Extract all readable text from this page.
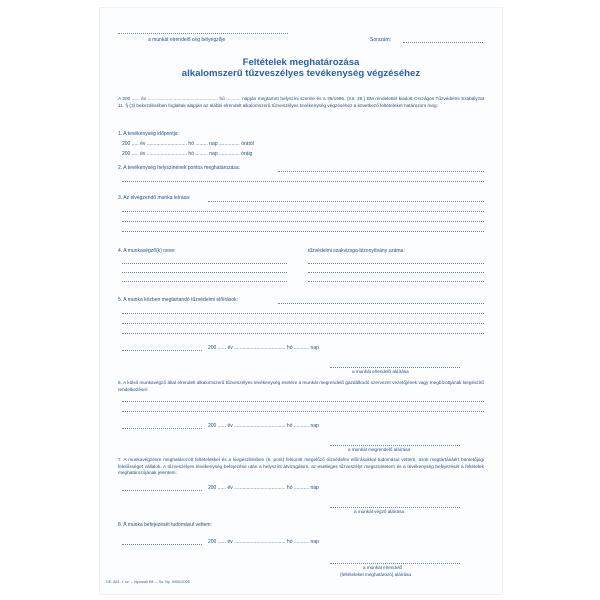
a munkát elrendelő cég bélyegzője	Sorszám:
Feltételek meghatározása
alkalomszerű tűzveszélyes tevékenység végzéséhez
A 200 ...... év ...................................................... hó ........... napján megtartott helyszíni szemle és a 35/1996. (XII. 29.) BM rendelettel kiadott Országos Tűzvédelmi Szabályzat 11. § (3) bekezdésében foglaltak alapján az alábbi elrendelt alkalomszerű tűzveszélyes tevékenység végzéséhez a következő feltételeket határozom meg:
1. A tevékenység időpontja:
200 ..... év ............................. hó ......... nap ............... órától
200 ..... év ............................. hó ......... nap ............... óráig
2. A tevékenység helyszínének pontos meghatározása:
3. Az elvégzendő munka leírása:
4. A munkavégző(k) neve:	tűzvédelmi szakvizsga-bizonyítvány száma:
5. A munka közben megtartandó tűzvédelmi előírások:
200 ...... év ..................................... hó ........... nap
a munkát elrendelő aláírása
6. A külső munkavégző által elrendelt alkalomszerű tűzveszélyes tevékenység esetére a munkát megrendelő gazdálkodó szervezet vezetőjének vagy megbízottjának kiegészítő rendelkezései:
200 ...... év ..................................... hó ........... nap
a munkát megrendelő aláírása
7. A munkavégzésre meghatározott feltételekkel és a kiegészítésben (6. pont) felsorolt megelőző tűzvédelmi előírásokkal tudomásul vettem, azok megtartásáért büntetőjogi felelősséget vállalok. A tűzveszélyes tevékenység befejezése után a helyszínt átvizsgálom, az esetleges tűzveszélyt megszüntetem és a tevékenység befejezését a feltételek meghatározójának jelentem.
200 ...... év ..................................... hó ........... nap
a munkát végző aláírása
8. A munka befejezését tudomásul vettem:
200 ...... év ..................................... hó ........... nap
a munkát elrendelő
(feltételeket meghatározó) aláírása
DE. 861. r. sz. – Nyomell Kft. – Sz. Ny. 9000/2006
